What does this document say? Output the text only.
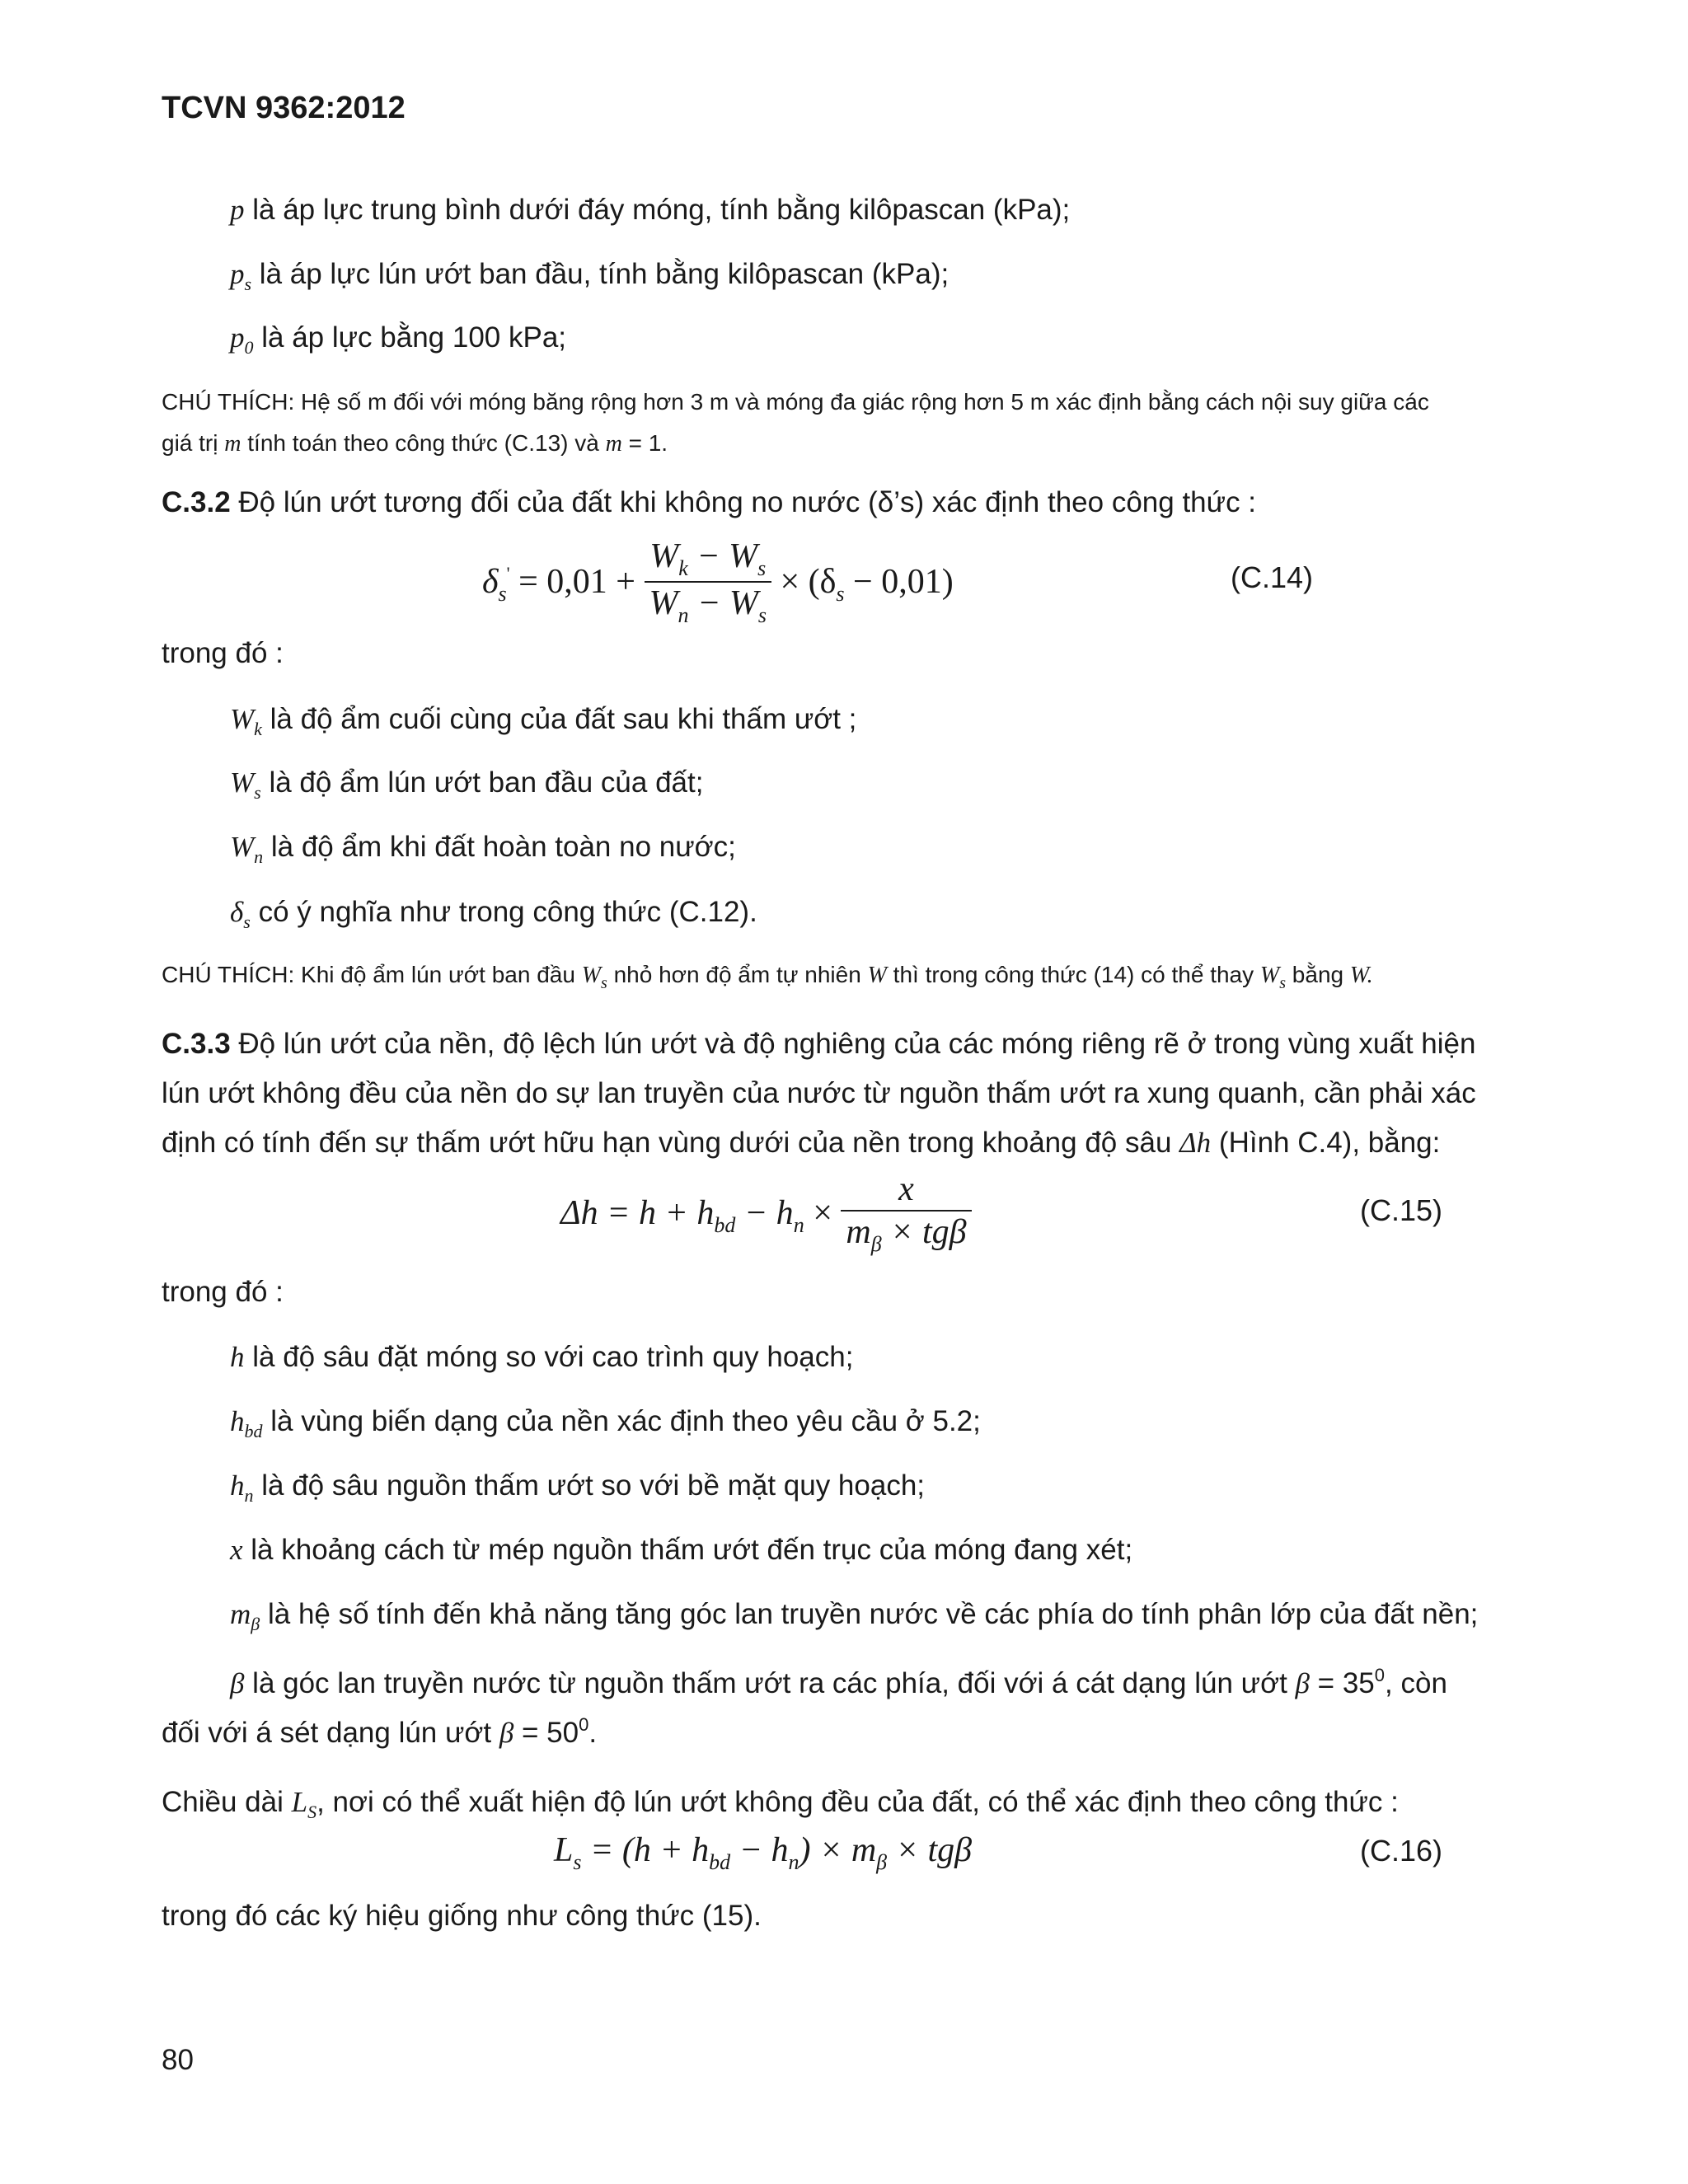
TCVN 9362:2012
p là áp lực trung bình dưới đáy móng, tính bằng kilôpascan (kPa);
$p_s$ là áp lực lún ướt ban đầu, tính bằng kilôpascan (kPa);
$p_0$ là áp lực bằng 100 kPa;
CHÚ THÍCH: Hệ số m đối với móng băng rộng hơn 3 m và móng đa giác rộng hơn 5 m xác định bằng cách nội suy giữa các
giá trị m tính toán theo công thức (C.13) và m = 1.
C.3.2 Độ lún ướt tương đối của đất khi không no nước (δ’s) xác định theo công thức :
$\delta_s' = 0,01 + \frac{W_k - W_s}{W_n - W_s} \times (\delta_s - 0,01)$	(C.14)
trong đó :
$W_k$ là độ ẩm cuối cùng của đất sau khi thấm ướt ;
$W_s$ là độ ẩm lún ướt ban đầu của đất;
$W_n$ là độ ẩm khi đất hoàn toàn no nước;
$\delta_s$ có ý nghĩa như trong công thức (C.12).
CHÚ THÍCH: Khi độ ẩm lún ướt ban đầu $W_s$ nhỏ hơn độ ẩm tự nhiên W thì trong công thức (14) có thể thay $W_s$ bằng W.
C.3.3 Độ lún ướt của nền, độ lệch lún ướt và độ nghiêng của các móng riêng rẽ ở trong vùng xuất hiện
lún ướt không đều của nền do sự lan truyền của nước từ nguồn thấm ướt ra xung quanh, cần phải xác
định có tính đến sự thấm ướt hữu hạn vùng dưới của nền trong khoảng độ sâu Δh (Hình C.4), bằng:
$\Delta h = h + h_{bd} - h_n \times \frac{x}{m_\beta \times tg\beta}$	(C.15)
trong đó :
h là độ sâu đặt móng so với cao trình quy hoạch;
$h_{bd}$ là vùng biến dạng của nền xác định theo yêu cầu ở 5.2;
$h_n$ là độ sâu nguồn thấm ướt so với bề mặt quy hoạch;
x là khoảng cách từ mép nguồn thấm ướt đến trục của móng đang xét;
$m_\beta$ là hệ số tính đến khả năng tăng góc lan truyền nước về các phía do tính phân lớp của đất nền;
β là góc lan truyền nước từ nguồn thấm ướt ra các phía, đối với á cát dạng lún ướt $\beta = 35^0$, còn
đối với á sét dạng lún ướt $\beta = 50^0$.
Chiều dài $L_S$, nơi có thể xuất hiện độ lún ướt không đều của đất, có thể xác định theo công thức :
$L_s = (h + h_{bd} - h_n) \times m_\beta \times tg\beta$	(C.16)
trong đó các ký hiệu giống như công thức (15).
80
